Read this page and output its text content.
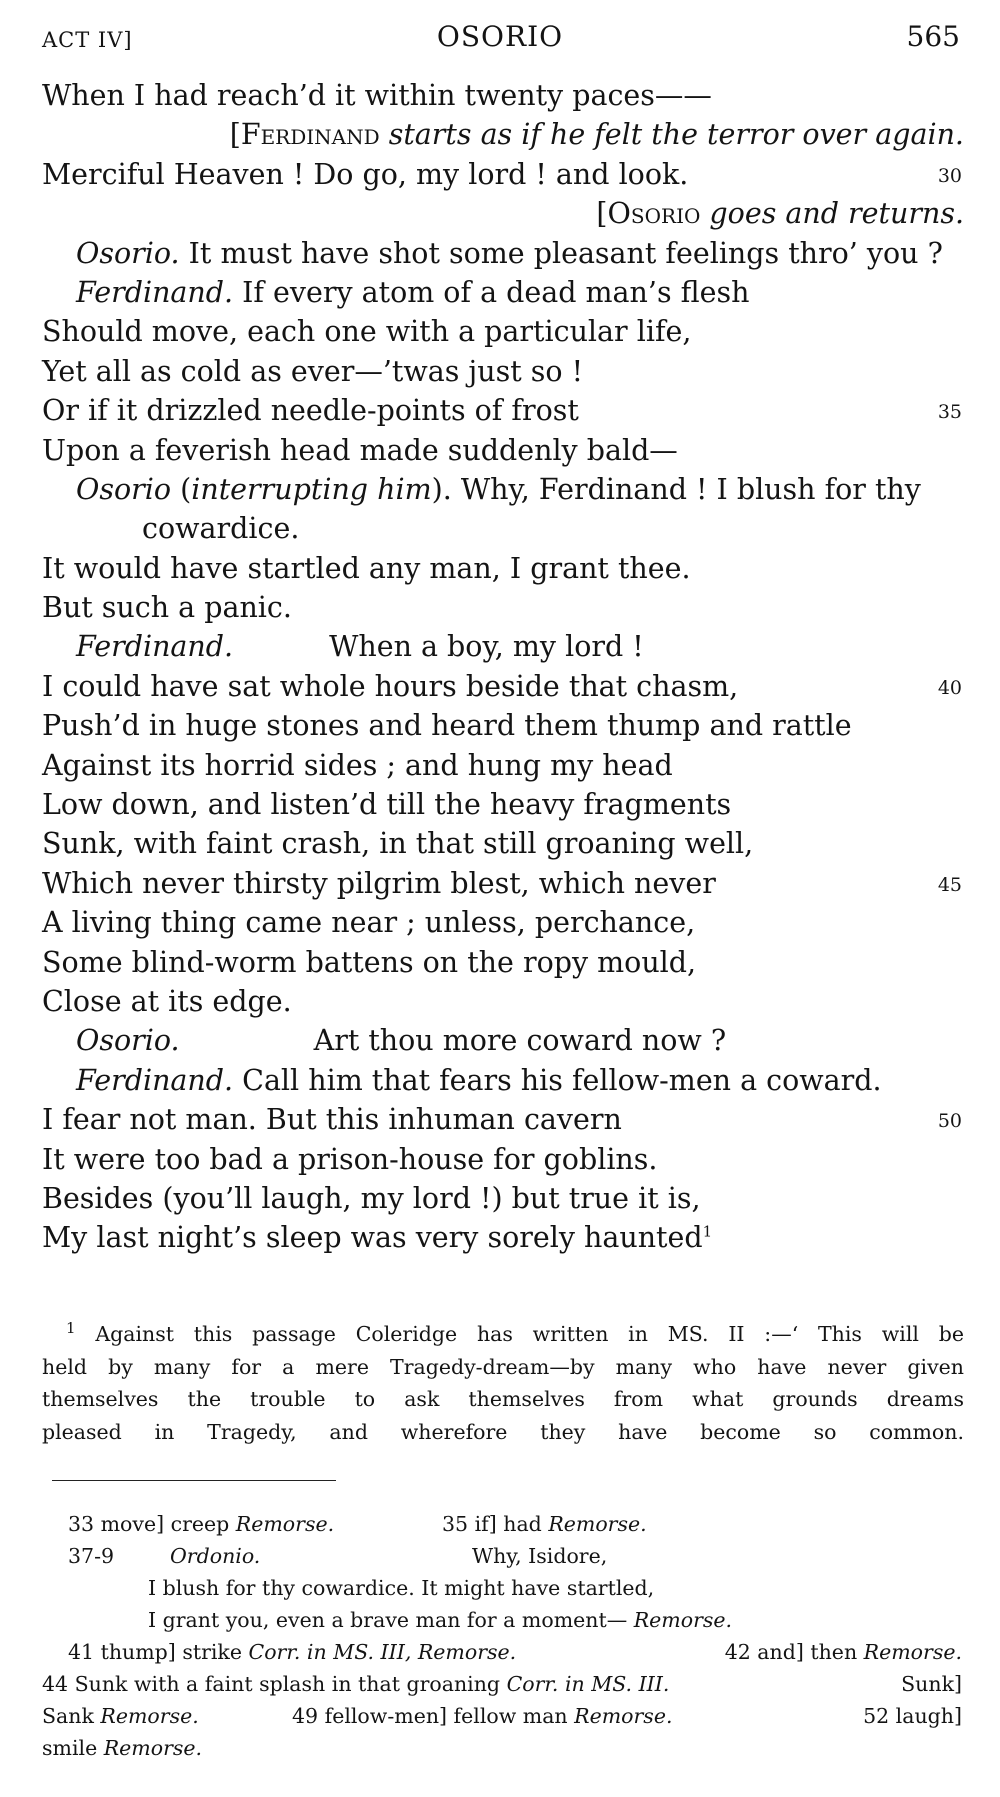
ACT IV]	OSORIO	565
When I had reach’d it within twenty paces——
[Ferdinand starts as if he felt the terror over again.
Merciful Heaven ! Do go, my lord ! and look.	30
[Osorio goes and returns.
Osorio. It must have shot some pleasant feelings thro’ you ?
Ferdinand. If every atom of a dead man’s flesh
Should move, each one with a particular life,
Yet all as cold as ever—’twas just so !
Or if it drizzled needle-points of frost	35
Upon a feverish head made suddenly bald—
Osorio (interrupting him). Why, Ferdinand ! I blush for thy
cowardice.
It would have startled any man, I grant thee.
But such a panic.
Ferdinand.	When a boy, my lord !
I could have sat whole hours beside that chasm,	40
Push’d in huge stones and heard them thump and rattle
Against its horrid sides ; and hung my head
Low down, and listen’d till the heavy fragments
Sunk, with faint crash, in that still groaning well,
Which never thirsty pilgrim blest, which never	45
A living thing came near ; unless, perchance,
Some blind-worm battens on the ropy mould,
Close at its edge.
Osorio.	Art thou more coward now ?
Ferdinand. Call him that fears his fellow-men a coward.
I fear not man. But this inhuman cavern	50
It were too bad a prison-house for goblins.
Besides (you’ll laugh, my lord !) but true it is,
My last night’s sleep was very sorely haunted$^1$
$^1$ Against this passage Coleridge has written in MS. II :—‘ This will be
held by many for a mere Tragedy-dream—by many who have never given
themselves the trouble to ask themselves from what grounds dreams
pleased in Tragedy, and wherefore they have become so common.
33 move] creep Remorse.	35 if] had Remorse.
37-9	Ordonio.	Why, Isidore,
I blush for thy cowardice. It might have startled,
I grant you, even a brave man for a moment— Remorse.
41 thump] strike Corr. in MS. III, Remorse.	42 and] then Remorse.
44 Sunk with a faint splash in that groaning Corr. in MS. III.	Sunk]
Sank Remorse.	49 fellow-men] fellow man Remorse.	52 laugh]
smile Remorse.
